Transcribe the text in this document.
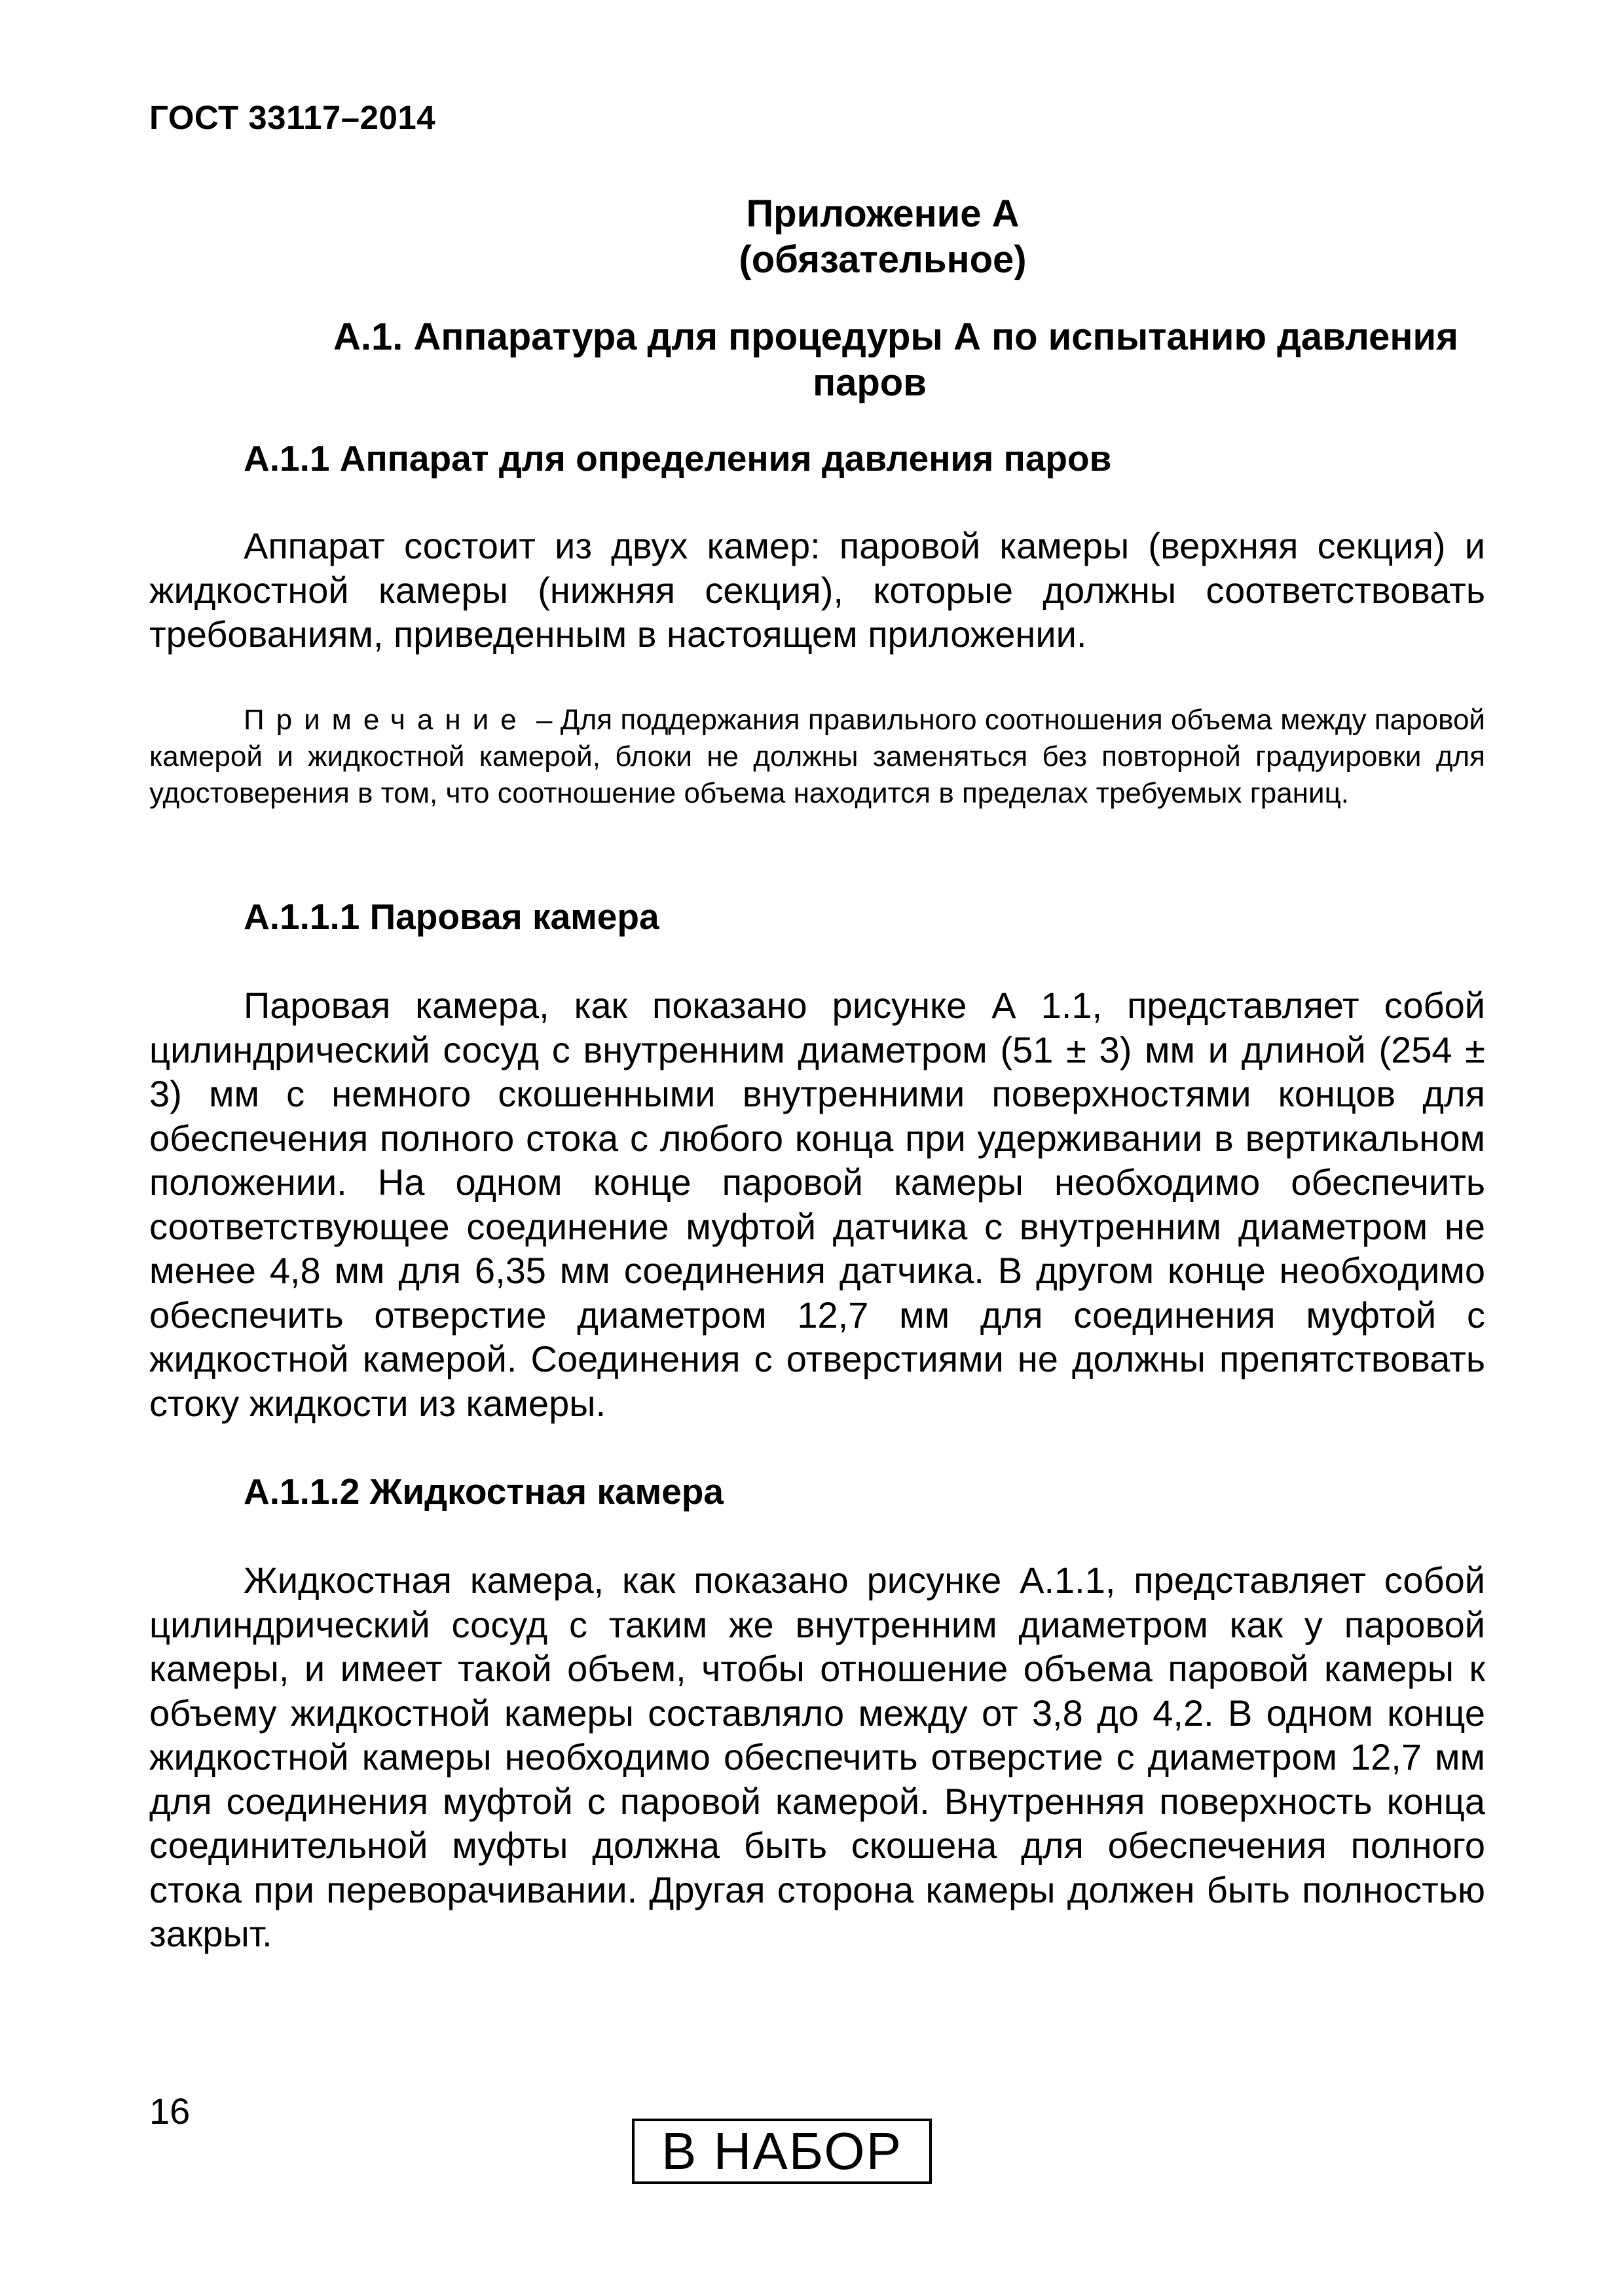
ГОСТ 33117–2014
Приложение А
(обязательное)
А.1. Аппаратура для процедуры А по испытанию давления
паров
А.1.1 Аппарат для определения давления паров
Аппарат состоит из двух камер: паровой камеры (верхняя секция) и жидкостной камеры (нижняя секция), которые должны соответствовать требованиям, приведенным в настоящем приложении.
Примечание – Для поддержания правильного соотношения объема между паровой камерой и жидкостной камерой, блоки не должны заменяться без повторной градуировки для удостоверения в том, что соотношение объема находится в пределах требуемых границ.
А.1.1.1 Паровая камера
Паровая камера, как показано рисунке А 1.1, представляет собой цилиндрический сосуд с внутренним диаметром (51 ± 3) мм и длиной (254 ± 3) мм с немного скошенными внутренними поверхностями концов для обеспечения полного стока с любого конца при удерживании в вертикальном положении. На одном конце паровой камеры необходимо обеспечить соответствующее соединение муфтой датчика с внутренним диаметром не менее 4,8 мм для 6,35 мм соединения датчика. В другом конце необходимо обеспечить отверстие диаметром 12,7 мм для соединения муфтой с жидкостной камерой. Соединения с отверстиями не должны препятствовать стоку жидкости из камеры.
А.1.1.2 Жидкостная камера
Жидкостная камера, как показано рисунке А.1.1, представляет собой цилиндрический сосуд с таким же внутренним диаметром как у паровой камеры, и имеет такой объем, чтобы отношение объема паровой камеры к объему жидкостной камеры составляло между от 3,8 до 4,2. В одном конце жидкостной камеры необходимо обеспечить отверстие с диаметром 12,7 мм для соединения муфтой с паровой камерой. Внутренняя поверхность конца соединительной муфты должна быть скошена для обеспечения полного стока при переворачивании. Другая сторона камеры должен быть полностью закрыт.
16
В НАБОР
